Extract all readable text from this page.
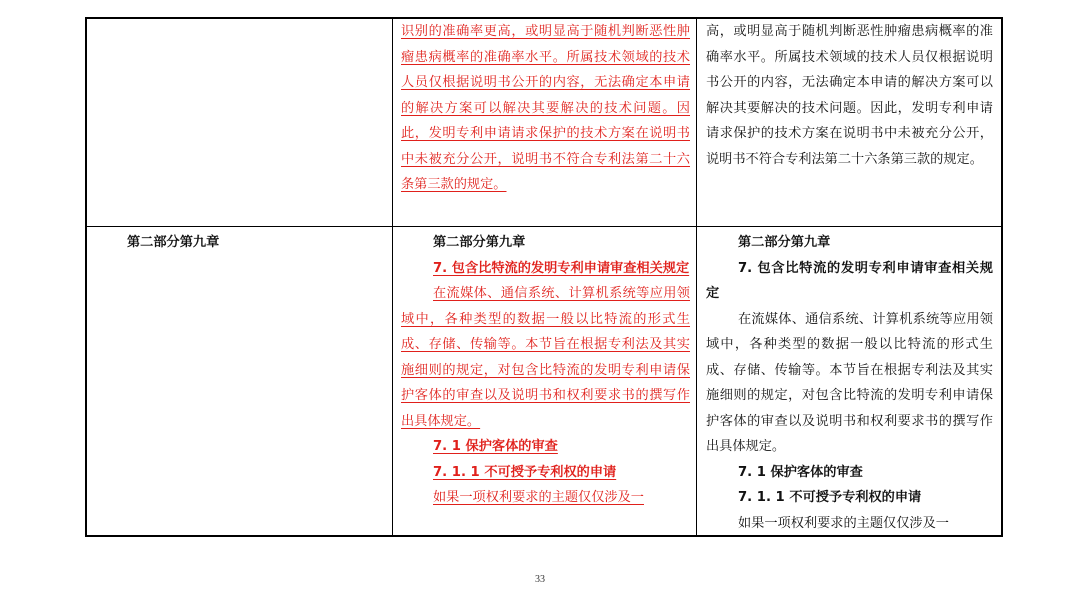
识别的准确率更高，或明显高于随机判断恶性肿瘤患病概率的准确率水平。所属技术领域的技术人员仅根据说明书公开的内容，无法确定本申请的解决方案可以解决其要解决的技术问题。因此，发明专利申请请求保护的技术方案在说明书中未被充分公开，说明书不符合专利法第二十六条第三款的规定。

高，或明显高于随机判断恶性肿瘤患病概率的准确率水平。所属技术领域的技术人员仅根据说明书公开的内容，无法确定本申请的解决方案可以解决其要解决的技术问题。因此，发明专利申请请求保护的技术方案在说明书中未被充分公开，说明书不符合专利法第二十六条第三款的规定。

第二部分第九章	第二部分第九章

7. 包含比特流的发明专利申请审查相关规定

在流媒体、通信系统、计算机系统等应用领域中，各种类型的数据一般以比特流的形式生成、存储、传输等。本节旨在根据专利法及其实施细则的规定，对包含比特流的发明专利申请保护客体的审查以及说明书和权利要求书的撰写作出具体规定。

7. 1 保护客体的审查

7. 1. 1 不可授予专利权的申请

如果一项权利要求的主题仅仅涉及一

第二部分第九章

7. 包含比特流的发明专利申请审查相关规定

在流媒体、通信系统、计算机系统等应用领域中，各种类型的数据一般以比特流的形式生成、存储、传输等。本节旨在根据专利法及其实施细则的规定，对包含比特流的发明专利申请保护客体的审查以及说明书和权利要求书的撰写作出具体规定。

7. 1 保护客体的审查

7. 1. 1 不可授予专利权的申请

如果一项权利要求的主题仅仅涉及一

33
